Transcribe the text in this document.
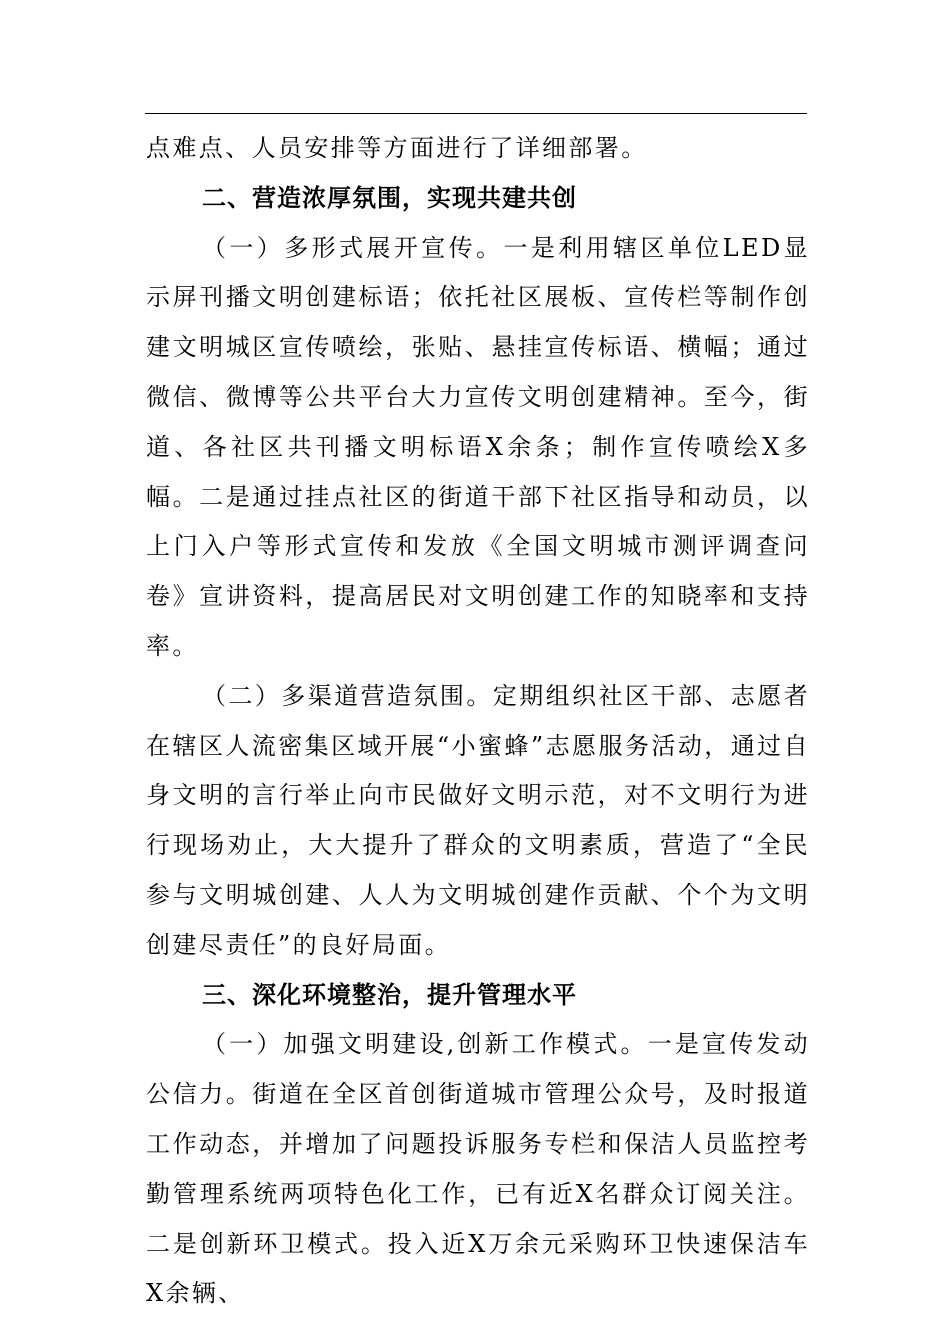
点难点、人员安排等方面进行了详细部署。

二、营造浓厚氛围，实现共建共创

（一）多形式展开宣传。一是利用辖区单位LED显示屏刊播文明创建标语；依托社区展板、宣传栏等制作创建文明城区宣传喷绘，张贴、悬挂宣传标语、横幅；通过微信、微博等公共平台大力宣传文明创建精神。至今，街道、各社区共刊播文明标语X余条；制作宣传喷绘X多幅。二是通过挂点社区的街道干部下社区指导和动员，以上门入户等形式宣传和发放《全国文明城市测评调查问卷》宣讲资料，提高居民对文明创建工作的知晓率和支持率。

（二）多渠道营造氛围。定期组织社区干部、志愿者在辖区人流密集区域开展“小蜜蜂”志愿服务活动，通过自身文明的言行举止向市民做好文明示范，对不文明行为进行现场劝止，大大提升了群众的文明素质，营造了“全民参与文明城创建、人人为文明城创建作贡献、个个为文明创建尽责任”的良好局面。

三、深化环境整治，提升管理水平

（一）加强文明建设,创新工作模式。一是宣传发动公信力。街道在全区首创街道城市管理公众号，及时报道工作动态，并增加了问题投诉服务专栏和保洁人员监控考勤管理系统两项特色化工作，已有近X名群众订阅关注。二是创新环卫模式。投入近X万余元采购环卫快速保洁车X余辆、
